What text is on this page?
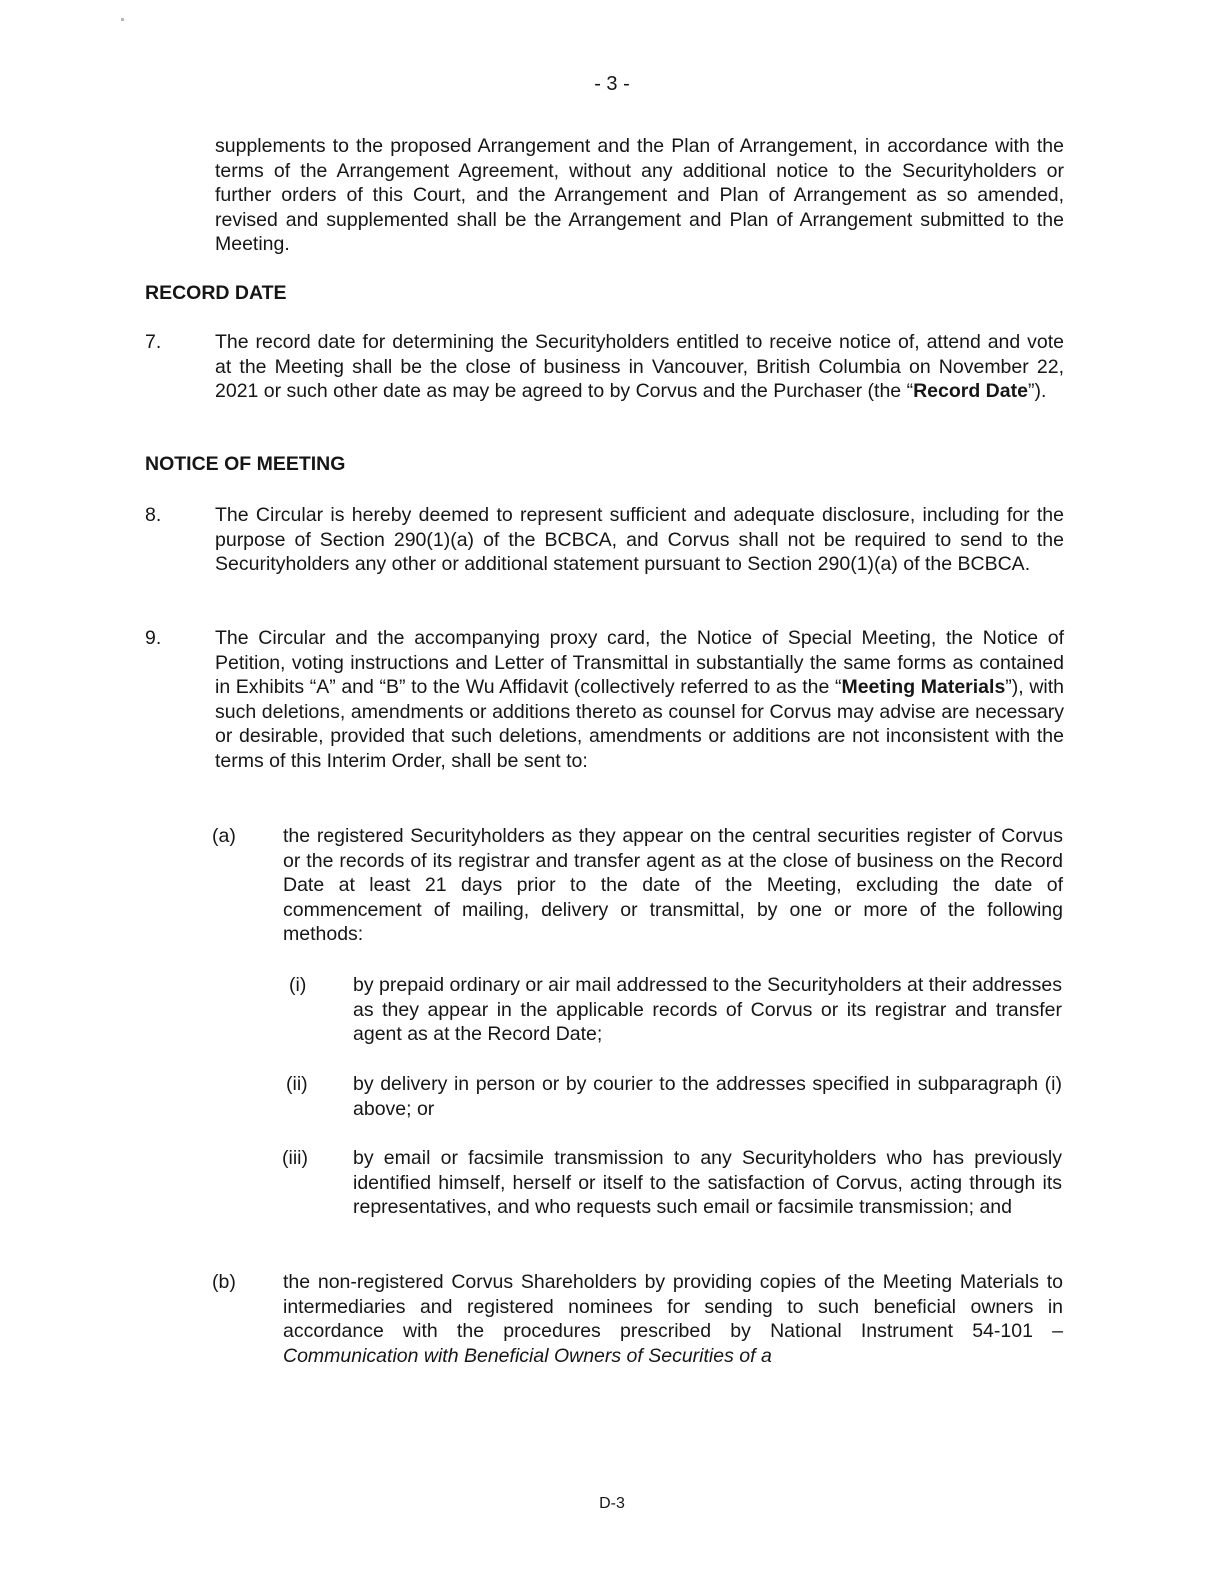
- 3 -
supplements to the proposed Arrangement and the Plan of Arrangement, in accordance with the terms of the Arrangement Agreement, without any additional notice to the Securityholders or further orders of this Court, and the Arrangement and Plan of Arrangement as so amended, revised and supplemented shall be the Arrangement and Plan of Arrangement submitted to the Meeting.
RECORD DATE
7.	The record date for determining the Securityholders entitled to receive notice of, attend and vote at the Meeting shall be the close of business in Vancouver, British Columbia on November 22, 2021 or such other date as may be agreed to by Corvus and the Purchaser (the “Record Date”).
NOTICE OF MEETING
8.	The Circular is hereby deemed to represent sufficient and adequate disclosure, including for the purpose of Section 290(1)(a) of the BCBCA, and Corvus shall not be required to send to the Securityholders any other or additional statement pursuant to Section 290(1)(a) of the BCBCA.
9.	The Circular and the accompanying proxy card, the Notice of Special Meeting, the Notice of Petition, voting instructions and Letter of Transmittal in substantially the same forms as contained in Exhibits “A” and “B” to the Wu Affidavit (collectively referred to as the “Meeting Materials”), with such deletions, amendments or additions thereto as counsel for Corvus may advise are necessary or desirable, provided that such deletions, amendments or additions are not inconsistent with the terms of this Interim Order, shall be sent to:
(a) the registered Securityholders as they appear on the central securities register of Corvus or the records of its registrar and transfer agent as at the close of business on the Record Date at least 21 days prior to the date of the Meeting, excluding the date of commencement of mailing, delivery or transmittal, by one or more of the following methods:
(i) by prepaid ordinary or air mail addressed to the Securityholders at their addresses as they appear in the applicable records of Corvus or its registrar and transfer agent as at the Record Date;
(ii) by delivery in person or by courier to the addresses specified in subparagraph (i) above; or
(iii) by email or facsimile transmission to any Securityholders who has previously identified himself, herself or itself to the satisfaction of Corvus, acting through its representatives, and who requests such email or facsimile transmission; and
(b) the non-registered Corvus Shareholders by providing copies of the Meeting Materials to intermediaries and registered nominees for sending to such beneficial owners in accordance with the procedures prescribed by National Instrument 54-101 – Communication with Beneficial Owners of Securities of a
D-3
